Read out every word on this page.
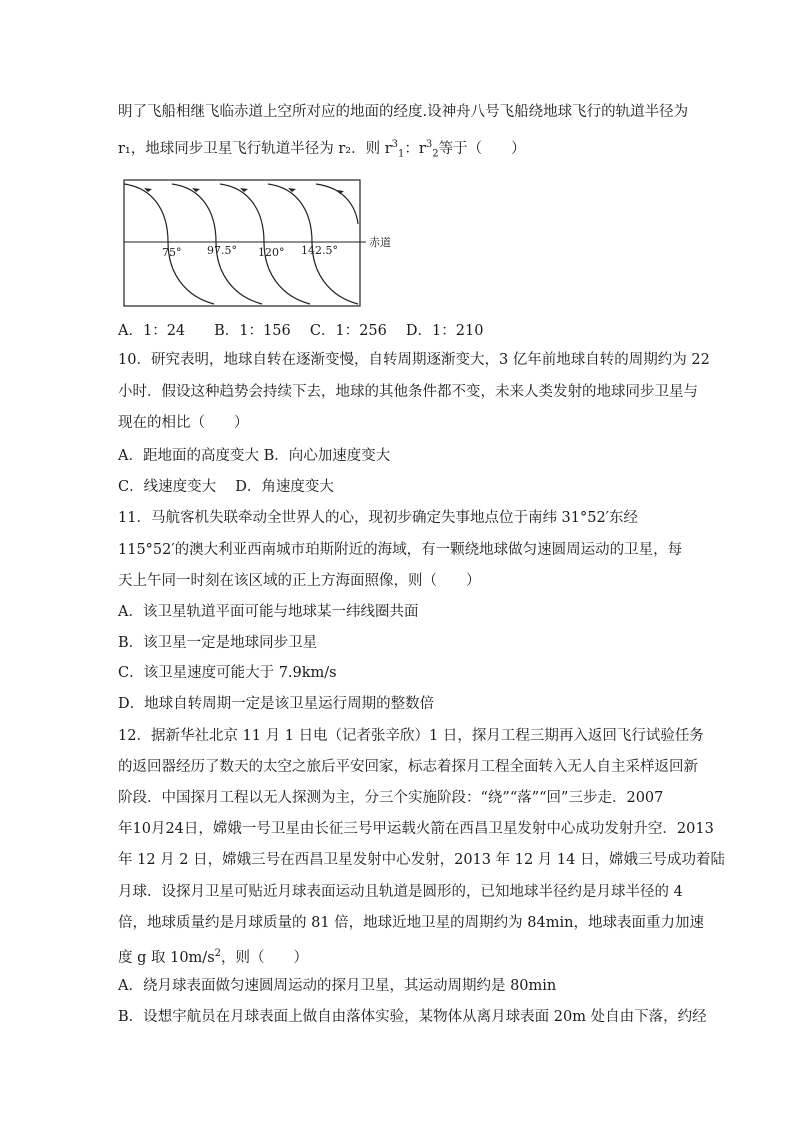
明了飞船相继飞临赤道上空所对应的地面的经度.设神舟八号飞船绕地球飞行的轨道半径为
r₁，地球同步卫星飞行轨道半径为 r₂．则 $r^3_1$：$r^3_2$等于（　　）
75° 97.5° 120° 142.5°
赤道
A．1：24　　B．1：156　 C．1：256　 D．1：210
10．研究表明，地球自转在逐渐变慢，自转周期逐渐变大，3 亿年前地球自转的周期约为 22
小时．假设这种趋势会持续下去，地球的其他条件都不变，未来人类发射的地球同步卫星与
现在的相比（　　）
A．距地面的高度变大 B．向心加速度变大
C．线速度变大　 D．角速度变大
11．马航客机失联牵动全世界人的心，现初步确定失事地点位于南纬 31°52′东经
115°52′的澳大利亚西南城市珀斯附近的海域，有一颗绕地球做匀速圆周运动的卫星，每
天上午同一时刻在该区域的正上方海面照像，则（　　）
A．该卫星轨道平面可能与地球某一纬线圈共面
B．该卫星一定是地球同步卫星
C．该卫星速度可能大于 7.9km/s
D．地球自转周期一定是该卫星运行周期的整数倍
12．据新华社北京 11 月 1 日电（记者张辛欣）1 日，探月工程三期再入返回飞行试验任务
的返回器经历了数天的太空之旅后平安回家，标志着探月工程全面转入无人自主采样返回新
阶段．中国探月工程以无人探测为主，分三个实施阶段：“绕”“落”“回”三步走．2007
年10月24日，嫦娥一号卫星由长征三号甲运载火箭在西昌卫星发射中心成功发射升空．2013
年 12 月 2 日，嫦娥三号在西昌卫星发射中心发射，2013 年 12 月 14 日，嫦娥三号成功着陆
月球．设探月卫星可贴近月球表面运动且轨道是圆形的，已知地球半径约是月球半径的 4
倍，地球质量约是月球质量的 81 倍，地球近地卫星的周期约为 84min，地球表面重力加速
度 g 取 $10m/s^2$，则（　　）
A．绕月球表面做匀速圆周运动的探月卫星，其运动周期约是 80min
B．设想宇航员在月球表面上做自由落体实验，某物体从离月球表面 20m 处自由下落，约经
